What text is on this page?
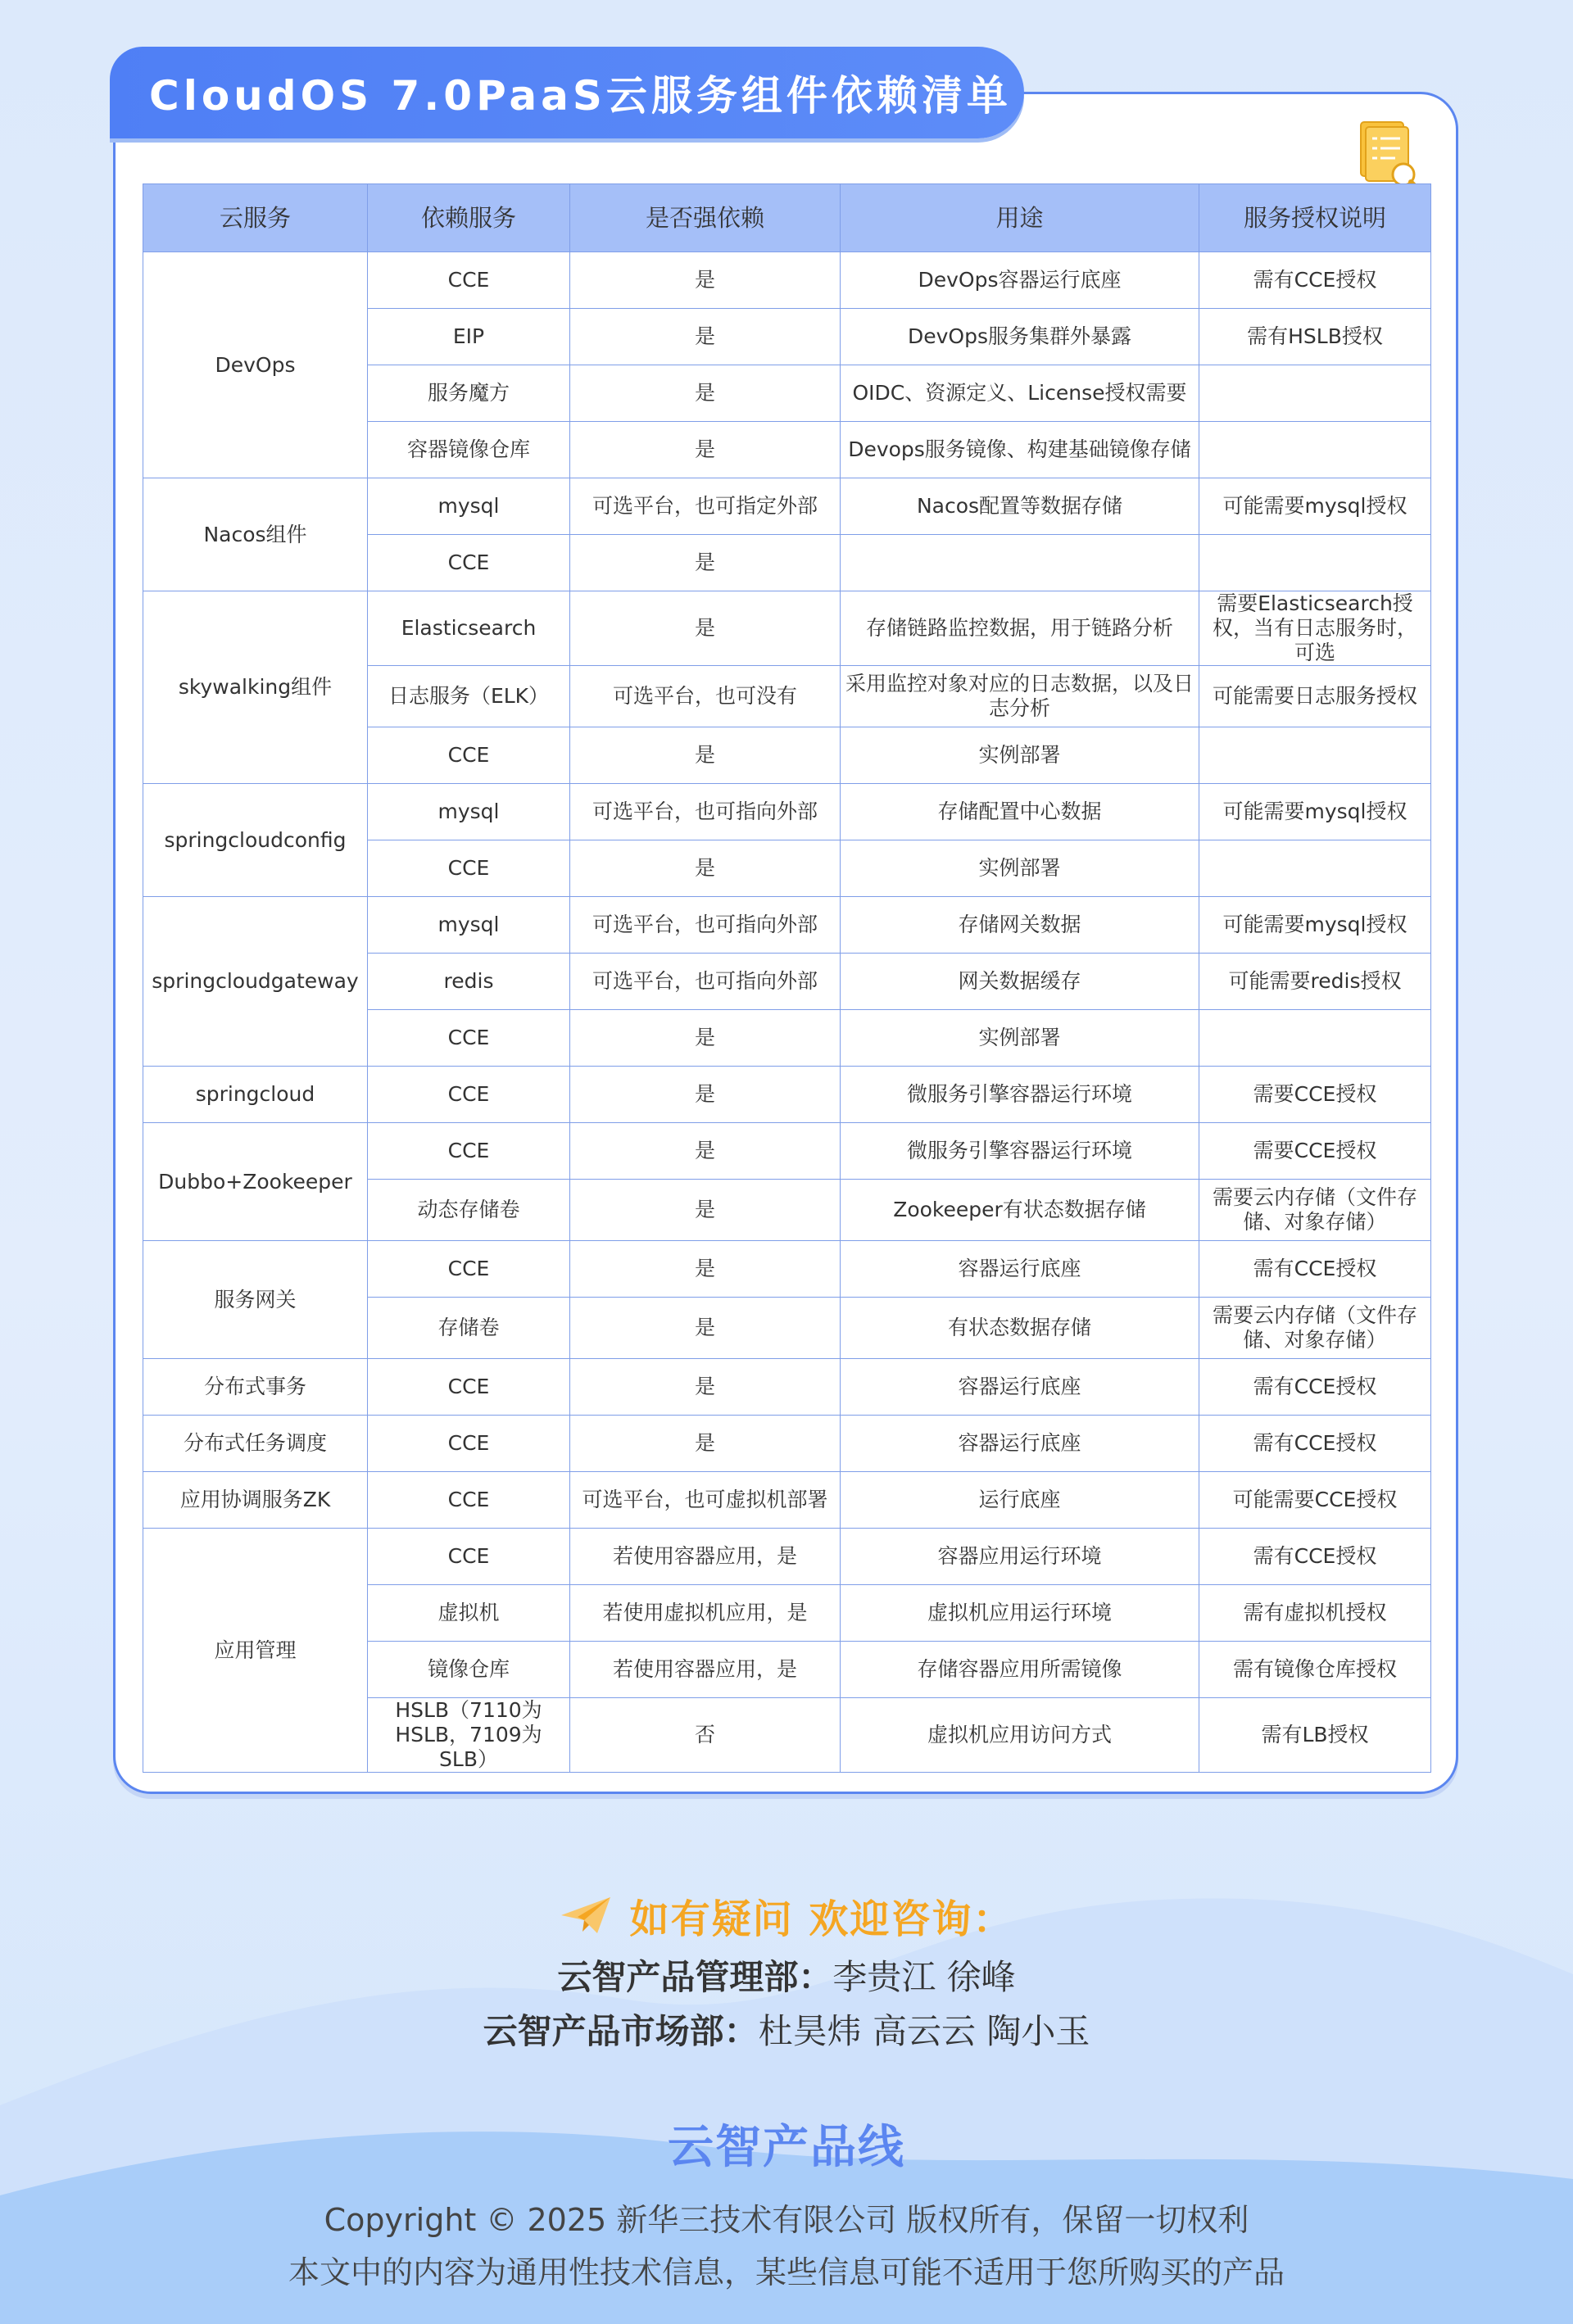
CloudOS 7.0PaaS云服务组件依赖清单
云服务	依赖服务	是否强依赖	用途	服务授权说明
DevOps	CCE	是	DevOps容器运行底座	需有CCE授权
	EIP	是	DevOps服务集群外暴露	需有HSLB授权
	服务魔方	是	OIDC、资源定义、License授权需要	
	容器镜像仓库	是	Devops服务镜像、构建基础镜像存储	
Nacos组件	mysql	可选平台，也可指定外部	Nacos配置等数据存储	可能需要mysql授权
	CCE	是		
skywalking组件	Elasticsearch	是	存储链路监控数据，用于链路分析	需要Elasticsearch授权，当有日志服务时，可选
	日志服务（ELK）	可选平台，也可没有	采用监控对象对应的日志数据，以及日志分析	可能需要日志服务授权
	CCE	是	实例部署	
springcloudconfig	mysql	可选平台，也可指向外部	存储配置中心数据	可能需要mysql授权
	CCE	是	实例部署	
springcloudgateway	mysql	可选平台，也可指向外部	存储网关数据	可能需要mysql授权
	redis	可选平台，也可指向外部	网关数据缓存	可能需要redis授权
	CCE	是	实例部署	
springcloud	CCE	是	微服务引擎容器运行环境	需要CCE授权
Dubbo+Zookeeper	CCE	是	微服务引擎容器运行环境	需要CCE授权
	动态存储卷	是	Zookeeper有状态数据存储	需要云内存储（文件存储、对象存储）
服务网关	CCE	是	容器运行底座	需有CCE授权
	存储卷	是	有状态数据存储	需要云内存储（文件存储、对象存储）
分布式事务	CCE	是	容器运行底座	需有CCE授权
分布式任务调度	CCE	是	容器运行底座	需有CCE授权
应用协调服务ZK	CCE	可选平台，也可虚拟机部署	运行底座	可能需要CCE授权
应用管理	CCE	若使用容器应用，是	容器应用运行环境	需有CCE授权
	虚拟机	若使用虚拟机应用，是	虚拟机应用运行环境	需有虚拟机授权
	镜像仓库	若使用容器应用，是	存储容器应用所需镜像	需有镜像仓库授权
	HSLB（7110为HSLB，7109为SLB）	否	虚拟机应用访问方式	需有LB授权
如有疑问 欢迎咨询：
云智产品管理部：李贵江 徐峰
云智产品市场部：杜昊炜 高云云 陶小玉
云智产品线
Copyright © 2025 新华三技术有限公司 版权所有，保留一切权利
本文中的内容为通用性技术信息，某些信息可能不适用于您所购买的产品
